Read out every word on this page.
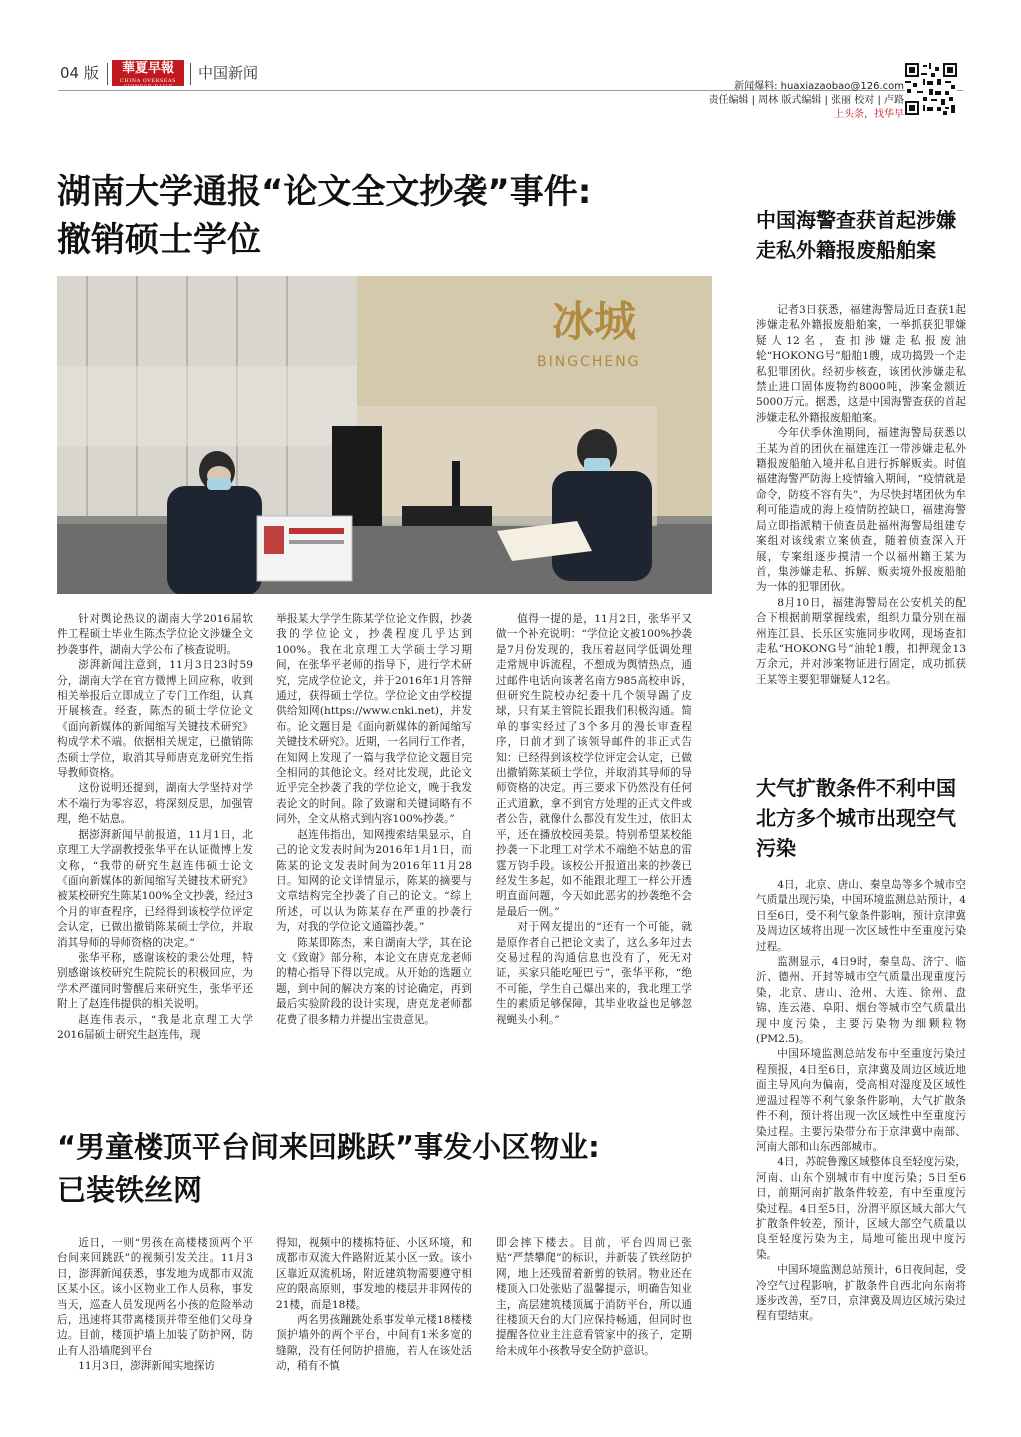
04 版	華夏早報
CHINA OVERSEAS CHINESE DAILY
中国新闻
新闻爆料: huaxiazaobao@126.com
责任编辑 | 周林 版式编辑 | 张丽 校对 | 卢路
上头条，找华早
湖南大学通报“论文全文抄袭”事件:
撤销硕士学位
冰城
BINGCHENG

针对舆论热议的湖南大学2016届软件工程硕士毕业生陈杰学位论文涉嫌全文抄袭事件，湖南大学公布了核查说明。

澎湃新闻注意到，11月3日23时59分，湖南大学在官方微博上回应称，收到相关举报后立即成立了专门工作组，认真开展核查。经查，陈杰的硕士学位论文《面向新媒体的新闻缩写关键技术研究》构成学术不端。依据相关规定，已撤销陈杰硕士学位，取消其导师唐克龙研究生指导教师资格。

这份说明还提到，湖南大学坚持对学术不端行为零容忍，将深刻反思，加强管理，绝不姑息。

据澎湃新闻早前报道，11月1日，北京理工大学副教授张华平在认证微博上发文称，“我带的研究生赵连伟硕士论文《面向新媒体的新闻缩写关键技术研究》被某校研究生陈某100%全文抄袭，经过3个月的审查程序，已经得到该校学位评定会认定，已做出撤销陈某硕士学位，并取消其导师的导师资格的决定。”

张华平称，感谢该校的秉公处理，特别感谢该校研究生院院长的积极回应，为学术严谨同时警醒后来研究生，张华平还附上了赵连伟提供的相关说明。

赵连伟表示，“我是北京理工大学2016届硕士研究生赵连伟，现

举报某大学学生陈某学位论文作假，抄袭我的学位论文，抄袭程度几乎达到100%。我在北京理工大学硕士学习期间，在张华平老师的指导下，进行学术研究，完成学位论文，并于2016年1月答辩通过，获得硕士学位。学位论文由学校提供给知网(https://www.cnki.net)，并发布。论文题目是《面向新媒体的新闻缩写关键技术研究》。近期，一名同行工作者，在知网上发现了一篇与我学位论文题目完全相同的其他论文。经对比发现，此论文近乎完全抄袭了我的学位论文，晚于我发表论文的时间。除了致谢和关键词略有不同外，全文从格式到内容100%抄袭。”

赵连伟指出，知网搜索结果显示，自己的论文发表时间为2016年1月1日，而陈某的论文发表时间为2016年11月28日。知网的论文详情显示，陈某的摘要与文章结构完全抄袭了自己的论文。“综上所述，可以认为陈某存在严重的抄袭行为，对我的学位论文通篇抄袭。”

陈某即陈杰，来自湖南大学，其在论文《致谢》部分称，本论文在唐克龙老师的精心指导下得以完成。从开始的选题立题，到中间的解决方案的讨论确定，再到最后实验阶段的设计实现，唐克龙老师都花费了很多精力并提出宝贵意见。

值得一提的是，11月2日，张华平又做一个补充说明：“学位论文被100%抄袭是7月份发现的，我压着赵同学低调处理走常规申诉流程，不想成为舆情热点，通过邮件电话向该著名南方985高校申诉，但研究生院校办纪委十几个领导踢了皮球，只有某主管院长跟我们积极沟通。简单的事实经过了3个多月的漫长审查程序，日前才到了该领导邮件的非正式告知：已经得到该校学位评定会认定，已做出撤销陈某硕士学位，并取消其导师的导师资格的决定。再三要求下仍然没有任何正式道歉，拿不到官方处理的正式文件或者公告，就像什么都没有发生过，依旧太平，还在播放校园美景。特别希望某校能抄袭一下北理工对学术不端绝不姑息的雷霆万钧手段。该校公开报道出来的抄袭已经发生多起，如不能跟北理工一样公开透明直面问题，今天如此恶劣的抄袭绝不会是最后一例。”

对于网友提出的“还有一个可能，就是原作者自己把论文卖了，这么多年过去交易过程的沟通信息也没有了，死无对证，买家只能吃哑巴亏”，张华平称，“绝不可能，学生自己爆出来的，我北理工学生的素质足够保障，其毕业收益也足够忽视蝇头小利。”

中国海警查获首起涉嫌走私外籍报废船舶案

记者3日获悉，福建海警局近日查获1起涉嫌走私外籍报废船舶案，一举抓获犯罪嫌疑人12名，查扣涉嫌走私报废油轮“HOKONG号”船舶1艘，成功捣毁一个走私犯罪团伙。经初步核查，该团伙涉嫌走私禁止进口固体废物约8000吨，涉案金额近5000万元。据悉，这是中国海警查获的首起涉嫌走私外籍报废船舶案。

今年伏季休渔期间，福建海警局获悉以王某为首的团伙在福建连江一带涉嫌走私外籍报废船舶入境并私自进行拆解贩卖。时值福建海警严防海上疫情输入期间，“疫情就是命令，防疫不容有失”，为尽快封堵团伙为牟利可能造成的海上疫情防控缺口，福建海警局立即指派精干侦查员赴福州海警局组建专案组对该线索立案侦查，随着侦查深入开展，专案组逐步摸清一个以福州籍王某为首，集涉嫌走私、拆解、贩卖境外报废船舶为一体的犯罪团伙。

8月10日，福建海警局在公安机关的配合下根据前期掌握线索，组织力量分别在福州连江县、长乐区实施同步收网，现场查扣走私“HOKONG号”油轮1艘，扣押现金13万余元，并对涉案物证进行固定，成功抓获王某等主要犯罪嫌疑人12名。

大气扩散条件不利中国北方多个城市出现空气污染

4日，北京、唐山、秦皇岛等多个城市空气质量出现污染，中国环境监测总站预计，4日至6日，受不利气象条件影响，预计京津冀及周边区域将出现一次区域性中至重度污染过程。

监测显示，4日9时，秦皇岛、济宁、临沂、德州、开封等城市空气质量出现重度污染，北京、唐山、沧州、大连、徐州、盘锦、连云港、阜阳、烟台等城市空气质量出现中度污染，主要污染物为细颗粒物(PM2.5)。

中国环境监测总站发布中至重度污染过程预报，4日至6日，京津冀及周边区域近地面主导风向为偏南，受高相对湿度及区域性逆温过程等不利气象条件影响，大气扩散条件不利，预计将出现一次区域性中至重度污染过程。主要污染带分布于京津冀中南部、河南大部和山东西部城市。

4日，苏皖鲁豫区域整体良至轻度污染，河南、山东个别城市有中度污染；5日至6日，前期河南扩散条件较差，有中至重度污染过程。4日至5日，汾渭平原区域大部大气扩散条件较差，预计，区域大部空气质量以良至轻度污染为主，局地可能出现中度污染。

中国环境监测总站预计，6日夜间起，受冷空气过程影响，扩散条件自西北向东南将逐步改善，至7日，京津冀及周边区域污染过程有望结束。

“男童楼顶平台间来回跳跃”事发小区物业:
已装铁丝网

近日，一则“男孩在高楼楼顶两个平台间来回跳跃”的视频引发关注。11月3日，澎湃新闻获悉，事发地为成都市双流区某小区。该小区物业工作人员称，事发当天，巡查人员发现两名小孩的危险举动后，迅速将其带离楼顶并带至他们父母身边。目前，楼顶护墙上加装了防护网，防止有人沿墙爬到平台

11月3日，澎湃新闻实地探访

得知，视频中的楼栋特征、小区环境，和成都市双流大件路附近某小区一致。该小区靠近双流机场，附近建筑物需要遵守相应的限高原则，事发地的楼层并非网传的21楼，而是18楼。

两名男孩蹦跳处系事发单元楼18楼楼顶护墙外的两个平台，中间有1米多宽的缝隙，没有任何防护措施，若人在该处活动，稍有不慎

即会摔下楼去。目前，平台四周已张贴“严禁攀爬”的标识，并新装了铁丝防护网，地上还残留着新剪的铁屑。物业还在楼顶入口处张贴了温馨提示，明确告知业主，高层建筑楼顶属于消防平台，所以通往楼顶天台的大门应保持畅通，但同时也提醒各位业主注意看管家中的孩子，定期给未成年小孩教导安全防护意识。
